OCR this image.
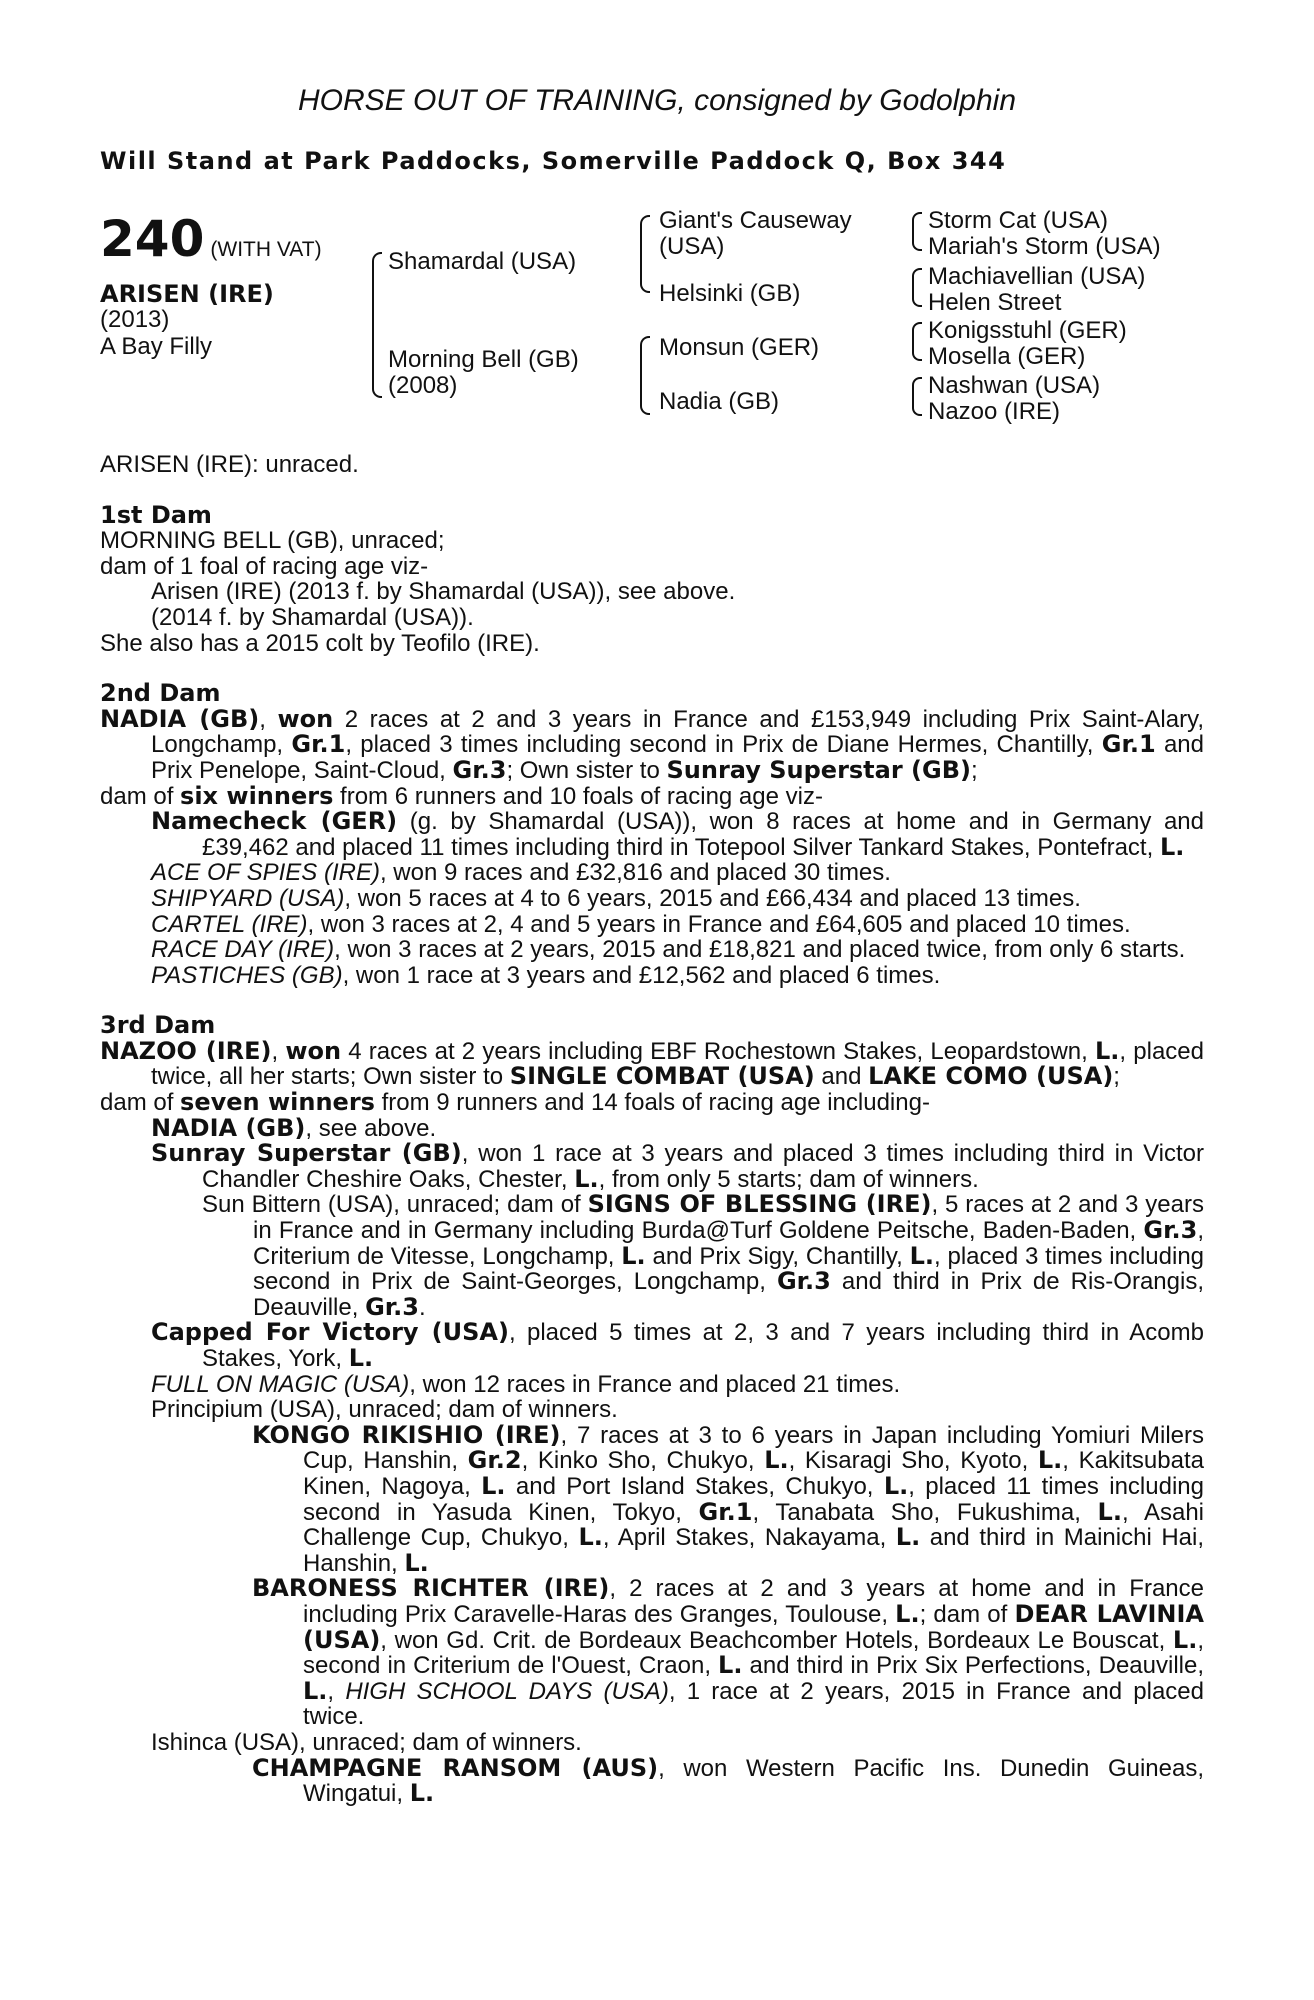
HORSE OUT OF TRAINING, consigned by Godolphin
Will Stand at Park Paddocks, Somerville Paddock Q, Box 344
240 (WITH VAT)
ARISEN (IRE)
(2013)
A Bay Filly
Shamardal (USA)
Morning Bell (GB)
(2008)
Giant's Causeway
(USA)
Helsinki (GB)
Monsun (GER)
Nadia (GB)
Storm Cat (USA)
Mariah's Storm (USA)
Machiavellian (USA)
Helen Street
Konigsstuhl (GER)
Mosella (GER)
Nashwan (USA)
Nazoo (IRE)

ARISEN (IRE): unraced.

1st Dam

MORNING BELL (GB), unraced;

dam of 1 foal of racing age viz-

Arisen (IRE) (2013 f. by Shamardal (USA)), see above.

(2014 f. by Shamardal (USA)).

She also has a 2015 colt by Teofilo (IRE).

2nd Dam

NADIA (GB), won 2 races at 2 and 3 years in France and £153,949 including Prix Saint-Alary, Longchamp, Gr.1, placed 3 times including second in Prix de Diane Hermes, Chantilly, Gr.1 and Prix Penelope, Saint-Cloud, Gr.3; Own sister to Sunray Superstar (GB);

dam of six winners from 6 runners and 10 foals of racing age viz-

Namecheck (GER) (g. by Shamardal (USA)), won 8 races at home and in Germany and £39,462 and placed 11 times including third in Totepool Silver Tankard Stakes, Pontefract, L.

ACE OF SPIES (IRE), won 9 races and £32,816 and placed 30 times.

SHIPYARD (USA), won 5 races at 4 to 6 years, 2015 and £66,434 and placed 13 times.

CARTEL (IRE), won 3 races at 2, 4 and 5 years in France and £64,605 and placed 10 times.

RACE DAY (IRE), won 3 races at 2 years, 2015 and £18,821 and placed twice, from only 6 starts.

PASTICHES (GB), won 1 race at 3 years and £12,562 and placed 6 times.

3rd Dam

NAZOO (IRE), won 4 races at 2 years including EBF Rochestown Stakes, Leopardstown, L., placed twice, all her starts; Own sister to SINGLE COMBAT (USA) and LAKE COMO (USA);

dam of seven winners from 9 runners and 14 foals of racing age including-

NADIA (GB), see above.

Sunray Superstar (GB), won 1 race at 3 years and placed 3 times including third in Victor Chandler Cheshire Oaks, Chester, L., from only 5 starts; dam of winners.

Sun Bittern (USA), unraced; dam of SIGNS OF BLESSING (IRE), 5 races at 2 and 3 years in France and in Germany including Burda@Turf Goldene Peitsche, Baden-Baden, Gr.3, Criterium de Vitesse, Longchamp, L. and Prix Sigy, Chantilly, L., placed 3 times including second in Prix de Saint-Georges, Longchamp, Gr.3 and third in Prix de Ris-Orangis, Deauville, Gr.3.

Capped For Victory (USA), placed 5 times at 2, 3 and 7 years including third in Acomb Stakes, York, L.

FULL ON MAGIC (USA), won 12 races in France and placed 21 times.

Principium (USA), unraced; dam of winners.

KONGO RIKISHIO (IRE), 7 races at 3 to 6 years in Japan including Yomiuri Milers Cup, Hanshin, Gr.2, Kinko Sho, Chukyo, L., Kisaragi Sho, Kyoto, L., Kakitsubata Kinen, Nagoya, L. and Port Island Stakes, Chukyo, L., placed 11 times including second in Yasuda Kinen, Tokyo, Gr.1, Tanabata Sho, Fukushima, L., Asahi Challenge Cup, Chukyo, L., April Stakes, Nakayama, L. and third in Mainichi Hai, Hanshin, L.

BARONESS RICHTER (IRE), 2 races at 2 and 3 years at home and in France including Prix Caravelle-Haras des Granges, Toulouse, L.; dam of DEAR LAVINIA (USA), won Gd. Crit. de Bordeaux Beachcomber Hotels, Bordeaux Le Bouscat, L., second in Criterium de l'Ouest, Craon, L. and third in Prix Six Perfections, Deauville, L., HIGH SCHOOL DAYS (USA), 1 race at 2 years, 2015 in France and placed twice.

Ishinca (USA), unraced; dam of winners.

CHAMPAGNE RANSOM (AUS), won Western Pacific Ins. Dunedin Guineas, Wingatui, L.
